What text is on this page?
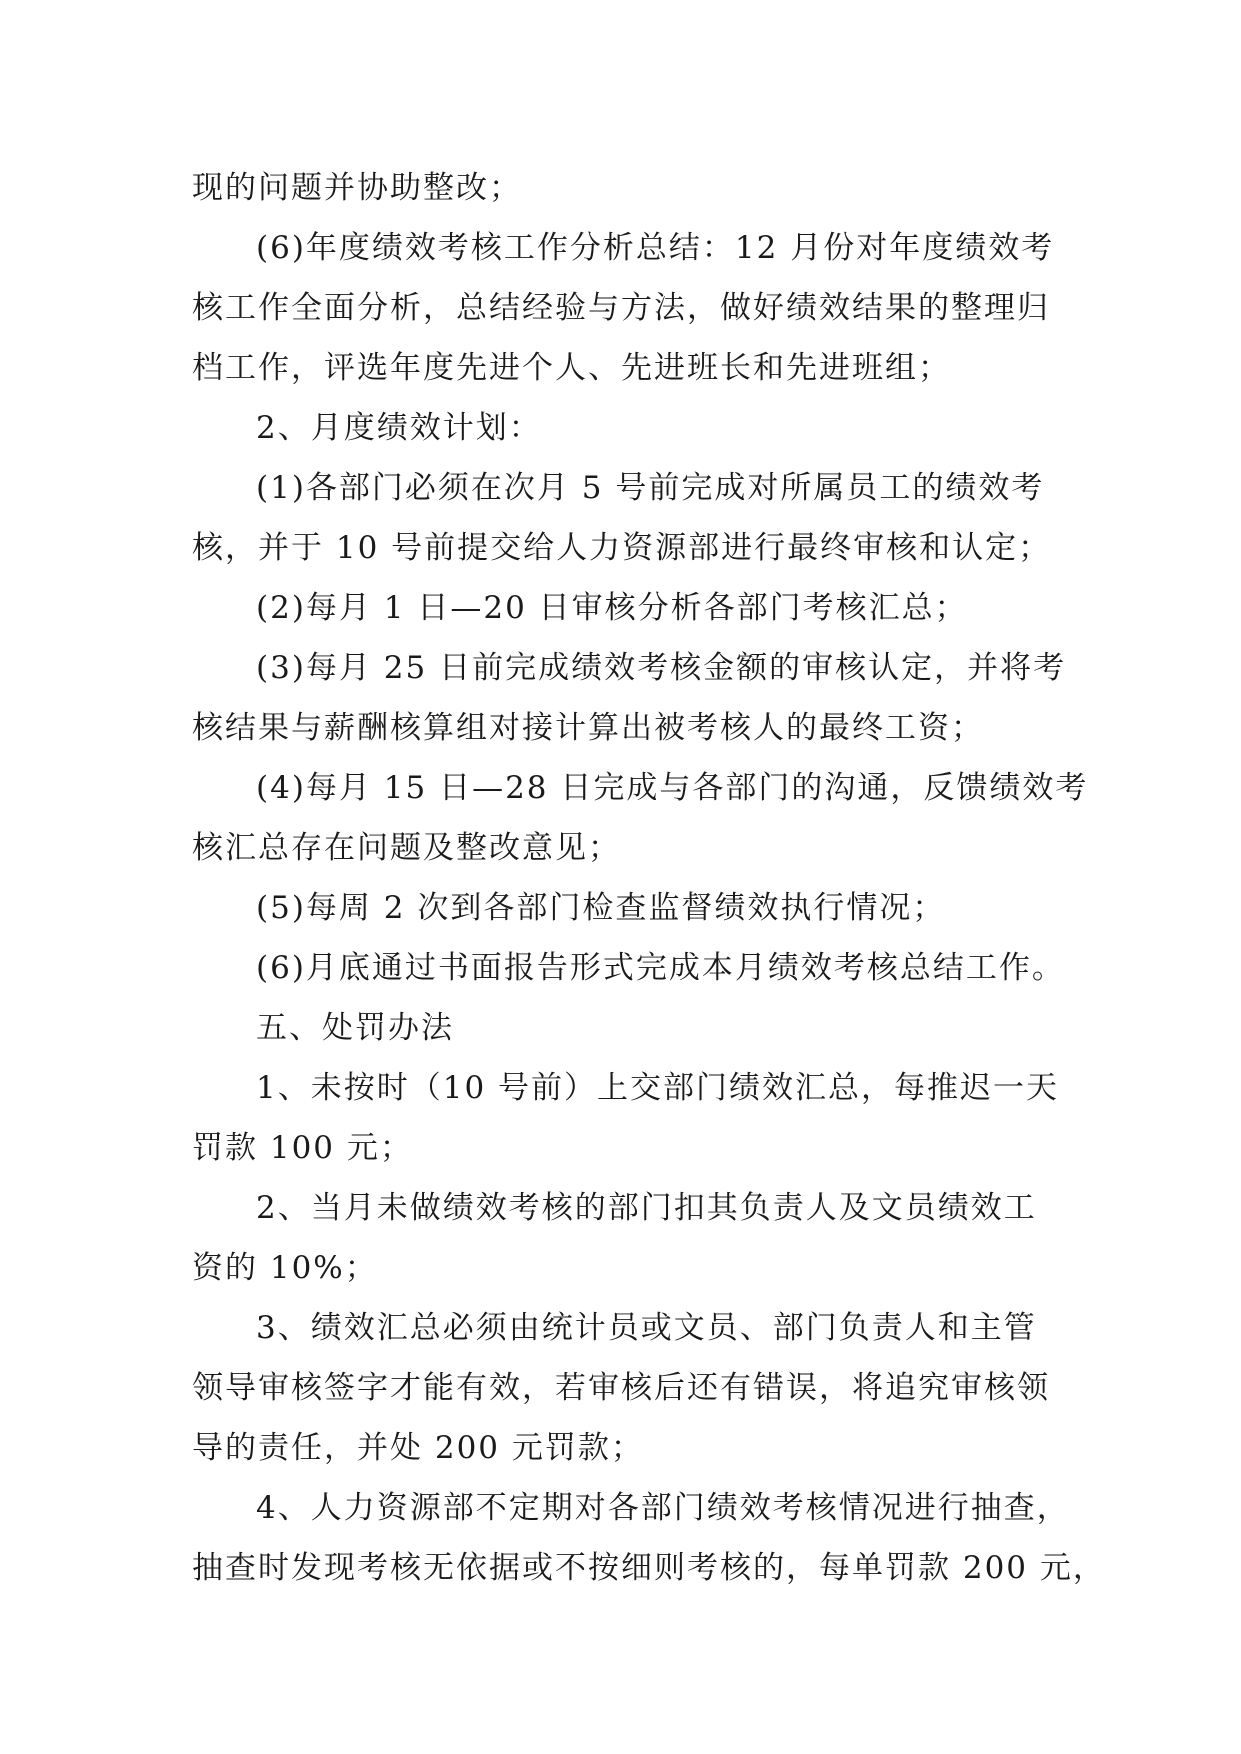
现的问题并协助整改；
(6)年度绩效考核工作分析总结：12 月份对年度绩效考
核工作全面分析，总结经验与方法，做好绩效结果的整理归
档工作，评选年度先进个人、先进班长和先进班组；
2、月度绩效计划：
(1)各部门必须在次月 5 号前完成对所属员工的绩效考
核，并于 10 号前提交给人力资源部进行最终审核和认定；
(2)每月 1 日—20 日审核分析各部门考核汇总；
(3)每月 25 日前完成绩效考核金额的审核认定，并将考
核结果与薪酬核算组对接计算出被考核人的最终工资；
(4)每月 15 日—28 日完成与各部门的沟通，反馈绩效考
核汇总存在问题及整改意见；
(5)每周 2 次到各部门检查监督绩效执行情况；
(6)月底通过书面报告形式完成本月绩效考核总结工作。
五、处罚办法
1、未按时（10 号前）上交部门绩效汇总，每推迟一天
罚款 100 元；
2、当月未做绩效考核的部门扣其负责人及文员绩效工
资的 10%；
3、绩效汇总必须由统计员或文员、部门负责人和主管
领导审核签字才能有效，若审核后还有错误，将追究审核领
导的责任，并处 200 元罚款；
4、人力资源部不定期对各部门绩效考核情况进行抽查，
抽查时发现考核无依据或不按细则考核的，每单罚款 200 元，
